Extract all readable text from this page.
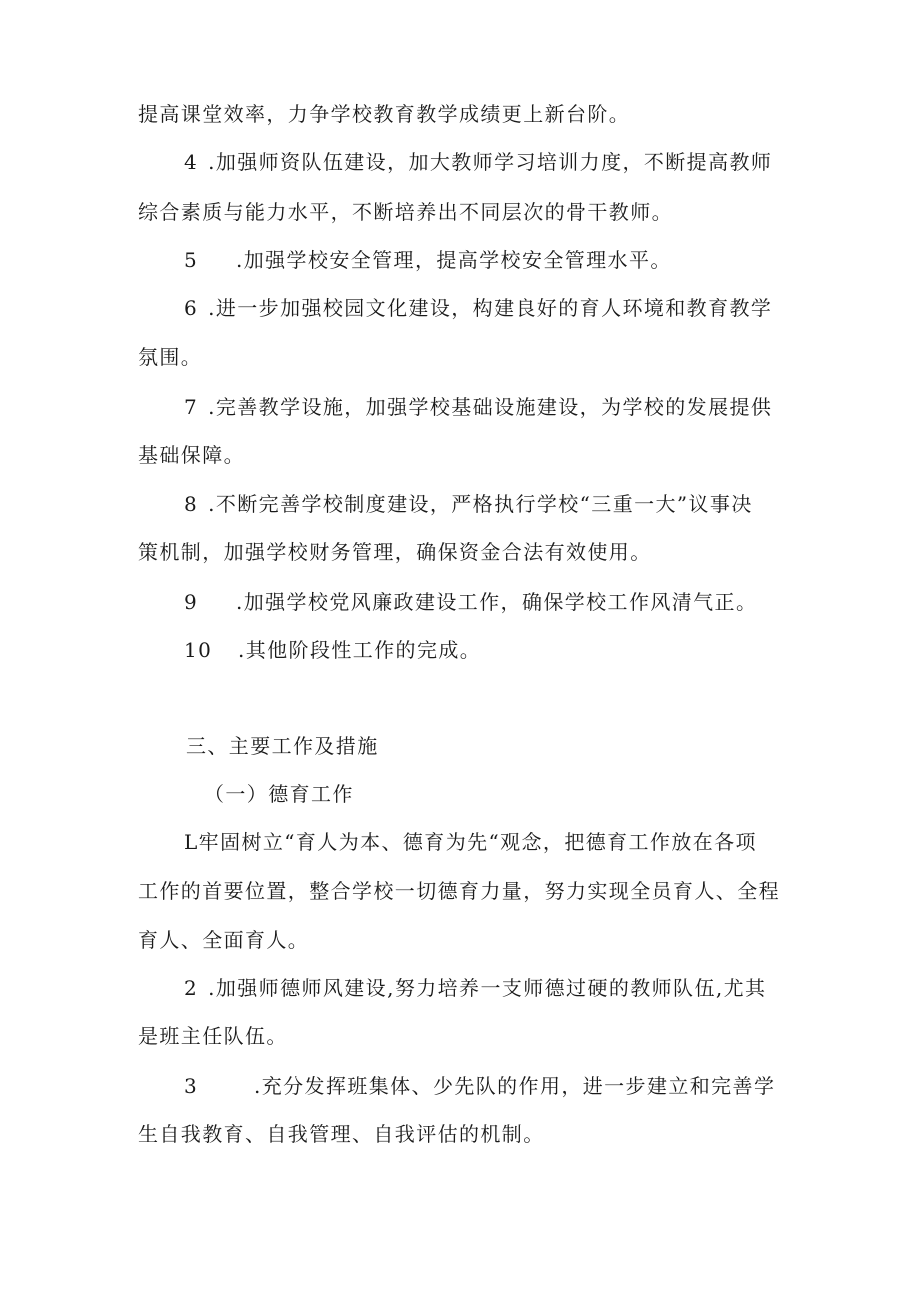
提高课堂效率，力争学校教育教学成绩更上新台阶。
4 .加强师资队伍建设，加大教师学习培训力度，不断提高教师
综合素质与能力水平，不断培养出不同层次的骨干教师。
5 .加强学校安全管理，提高学校安全管理水平。
6 .进一步加强校园文化建设，构建良好的育人环境和教育教学
氛围。
7 .完善教学设施，加强学校基础设施建设，为学校的发展提供
基础保障。
8 .不断完善学校制度建设，严格执行学校“三重一大”议事决
策机制，加强学校财务管理，确保资金合法有效使用。
9 .加强学校党风廉政建设工作，确保学校工作风清气正。
10 .其他阶段性工作的完成。
三、主要工作及措施
（一）德育工作
L牢固树立“育人为本、德育为先“观念，把德育工作放在各项
工作的首要位置，整合学校一切德育力量，努力实现全员育人、全程
育人、全面育人。
2 .加强师德师风建设,努力培养一支师德过硬的教师队伍,尤其
是班主任队伍。
3	.充分发挥班集体、少先队的作用，进一步建立和完善学
生自我教育、自我管理、自我评估的机制。
